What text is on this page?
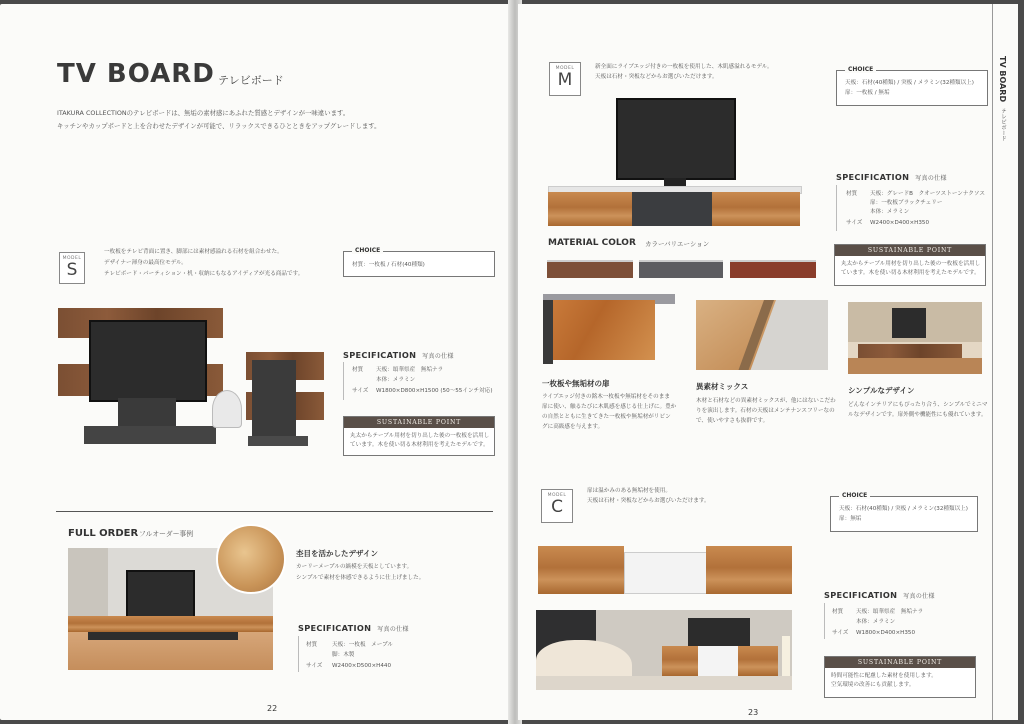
TV BOARD テレビボード
ITAKURA COLLECTIONのテレビボードは、無垢の素材感にあふれた質感とデザインが一味違います。
キッチンやカップボードと上を合わせたデザインが可能で、リラックスできるひとときをアップグレードします。
MODEL
S
一枚板をテレビ背面に置き、脚部には素材感溢れる石材を組合わせた。
デザイナー渾身の最高位モデル。
テレビボード・パーティション・机・収納にもなるアイディアが光る商品です。
CHOICE
材質：一枚板 / 石材(40種類)
SPECIFICATION 写真の仕様
材質 天板：頌華県産　無垢ナラ
本体：メラミン
サイズ W1800×D800×H1500 (50〜55インチ対応)
SUSTAINABLE POINT
丸太からテーブル用材を切り出した後の一枚板を活用し
ています。木を使い切る木材利用を考えたモデルです。
FULL ORDER フルオーダー事例
杢目を活かしたデザイン
カーリーメープルの縞模を天板としています。
シンプルで素材を体感できるように仕上げました。
SPECIFICATION 写真の仕様
材質	天板：一枚板　メープル
脚：木製
サイズ W2400×D500×H440
22
TV BOARD
テレビボード
MODEL
M
新全面にライブエッジ付きの一枚板を使用した、木肌感溢れるモデル。
天板は石材・突板などからお選びいただけます。
CHOICE
天板：石材(40種類) / 突板 / メラミン(32種類以上)
扉：一枚板 / 無垢
SPECIFICATION 写真の仕様
材質 天板：グレードB　クオーツストーンナクソス
扉：一枚板ブラックチェリー
本体：メラミン
サイズ W2400×D400×H350
SUSTAINABLE POINT
丸太からテーブル用材を切り出した後の一枚板を活用し
ています。木を使い切る木材利用を考えたモデルです。
MATERIAL COLOR カラーバリエーション
一枚板や無垢材の扉
ライブエッジ付きの銘木一枚板や無垢材をそのまま
扉に使い、触るたびに木肌感を感じる仕上げに。豊か
の自然とともに生きてきた一枚板や無垢材がリビン
グに高級感を与えます。
異素材ミックス
木材と石材などの異素材ミックスが、他にはないこだわ
りを演出します。石材の天板はメンテナンスフリーなの
で、使いやすさも抜群です。
シンプルなデザイン
どんなインテリアにもぴったり合う、シンプルでミニマ
ルなデザインです。扉外側や機能性にも優れています。
MODEL
C
扉は温かみのある無垢材を使用。
天板は石材・突板などからお選びいただけます。
CHOICE
天板：石材(40種類) / 突板 / メラミン(32種類以上)
扉：無垢
SPECIFICATION 写真の仕様
材質 天板：頌華県産　無垢ナラ
本体：メラミン
サイズ W1800×D400×H350
SUSTAINABLE POINT
時間可能性に配慮した素材を使用します。
空気環境の改善にも貢献します。
23
